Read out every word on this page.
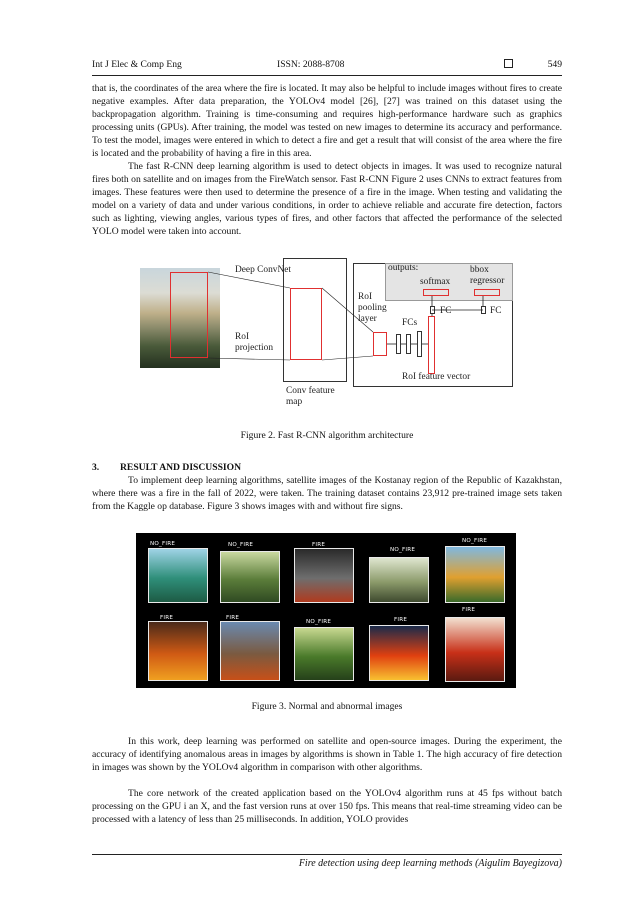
Int J Elec & Comp Eng	ISSN: 2088-8708	549

that is, the coordinates of the area where the fire is located. It may also be helpful to include images without fires to create negative examples. After data preparation, the YOLOv4 model [26], [27] was trained on this dataset using the backpropagation algorithm. Training is time-consuming and requires high-performance hardware such as graphics processing units (GPUs). After training, the model was tested on new images to determine its accuracy and performance. To test the model, images were entered in which to detect a fire and get a result that will consist of the area where the fire is located and the probability of having a fire in this area.

The fast R-CNN deep learning algorithm is used to detect objects in images. It was used to recognize natural fires both on satellite and on images from the FireWatch sensor. Fast R-CNN Figure 2 uses CNNs to extract features from images. These features were then used to determine the presence of a fire in the image. When testing and validating the model on a variety of data and under various conditions, in order to achieve reliable and accurate fire detection, factors such as lighting, viewing angles, various types of fires, and other factors that affected the performance of the selected YOLO model were taken into account.

Deep ConvNet
RoI projection
Conv feature map
RoI pooling layer
outputs:
softmax
bbox regressor
FCs
FC	FC
RoI feature vector
Figure 2. Fast R-CNN algorithm architecture
3. RESULT AND DISCUSSION

To implement deep learning algorithms, satellite images of the Kostanay region of the Republic of Kazakhstan, where there was a fire in the fall of 2022, were taken. The training dataset contains 23,912 pre-trained image sets taken from the Kaggle op database. Figure 3 shows images with and without fire signs.

NO_FIRE	NO_FIRE	FIRE
NO_FIRE
NO_FIRE
FIRE	FIRE
NO_FIRE	FIRE
FIRE
Figure 3. Normal and abnormal images

In this work, deep learning was performed on satellite and open-source images. During the experiment, the accuracy of identifying anomalous areas in images by algorithms is shown in Table 1. The high accuracy of fire detection in images was shown by the YOLOv4 algorithm in comparison with other algorithms.

The core network of the created application based on the YOLOv4 algorithm runs at 45 fps without batch processing on the GPU i an X, and the fast version runs at over 150 fps. This means that real-time streaming video can be processed with a latency of less than 25 milliseconds. In addition, YOLO provides

Fire detection using deep learning methods (Aigulim Bayegizova)
